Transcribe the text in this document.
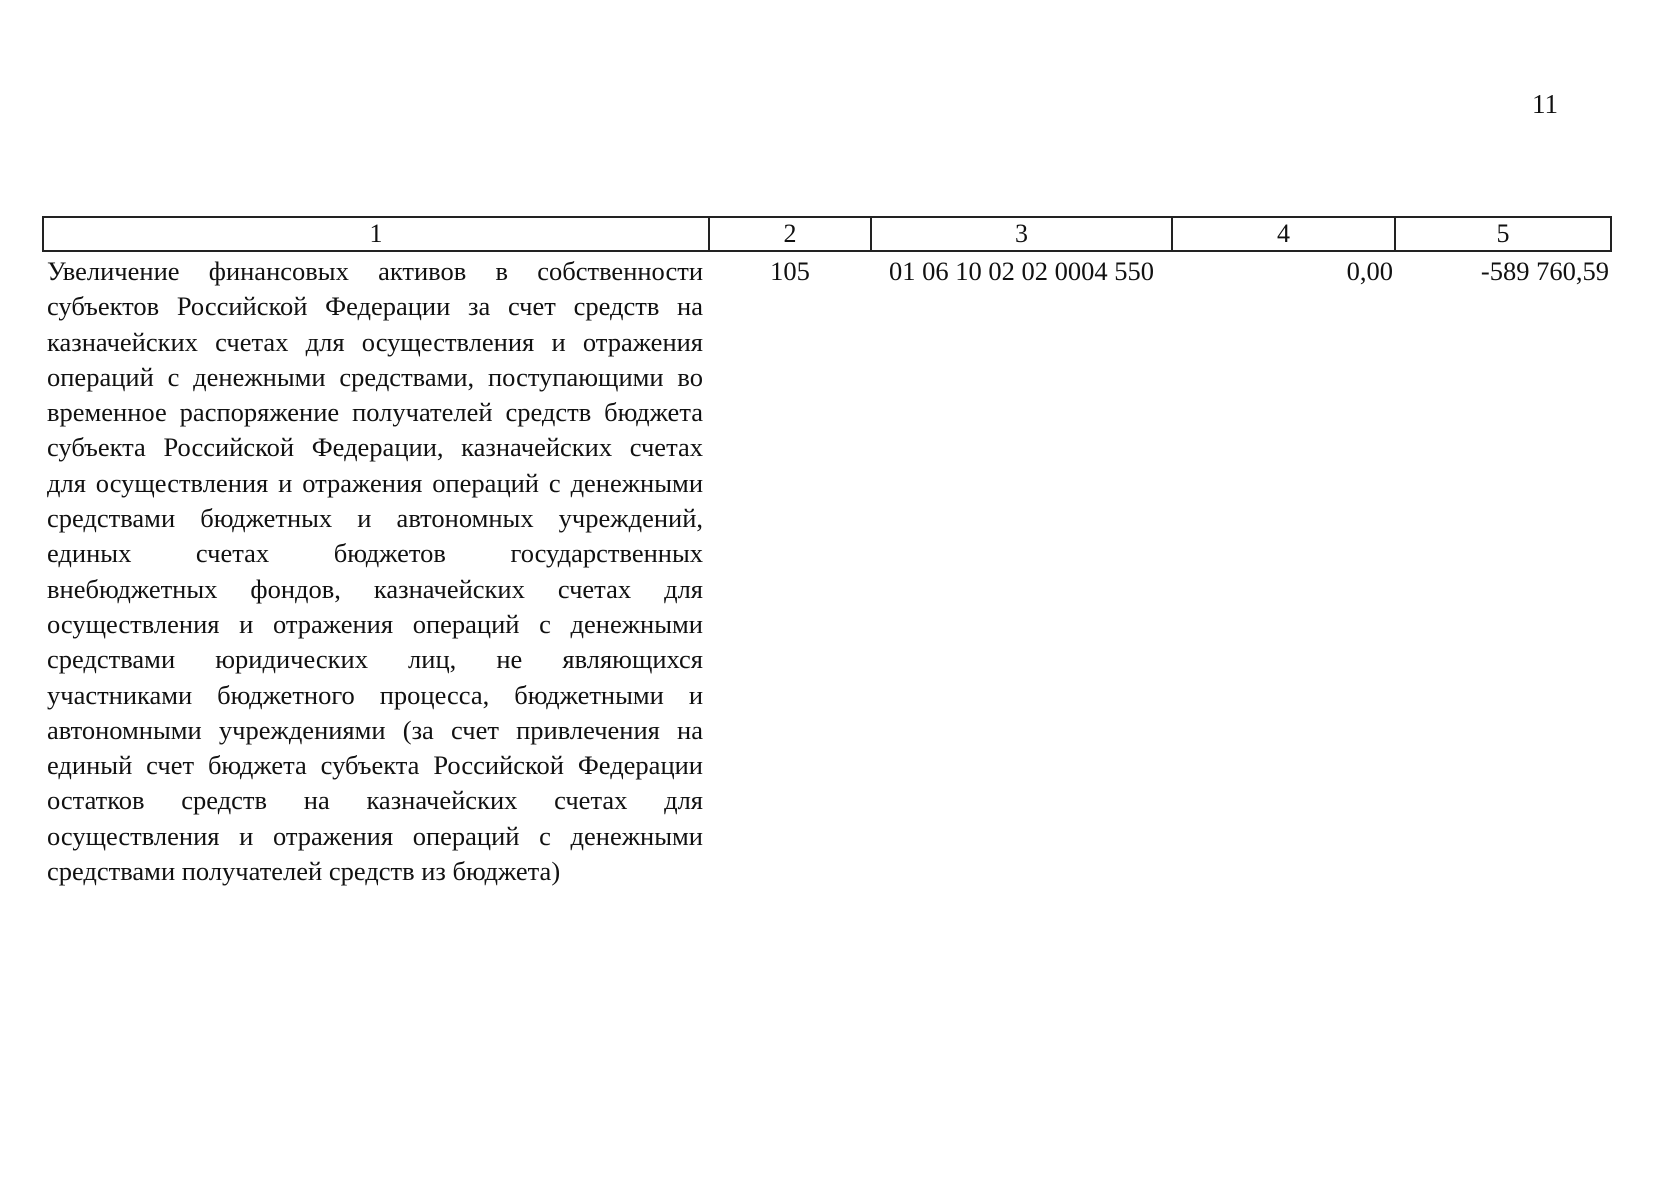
11
1	2	3	4	5
Увеличение финансовых активов в собственности субъектов Российской Федерации за счет средств на казначейских счетах для осуществления и отражения операций с денежными средствами, поступающими во временное распоряжение получателей средств бюджета субъекта Российской Федерации, казначейских счетах для осуществления и отражения операций с денежными средствами бюджетных и автономных учреждений, единых счетах бюджетов государственных внебюджетных фондов, казначейских счетах для осуществления и отражения операций с денежными средствами юридических лиц, не являющихся участниками бюджетного процесса, бюджетными и автономными учреждениями (за счет привлечения на единый счет бюджета субъекта Российской Федерации остатков средств на казначейских счетах для осуществления и отражения операций с денежными средствами получателей средств из бюджета)	105	01 06 10 02 02 0004 550	0,00	-589 760,59
